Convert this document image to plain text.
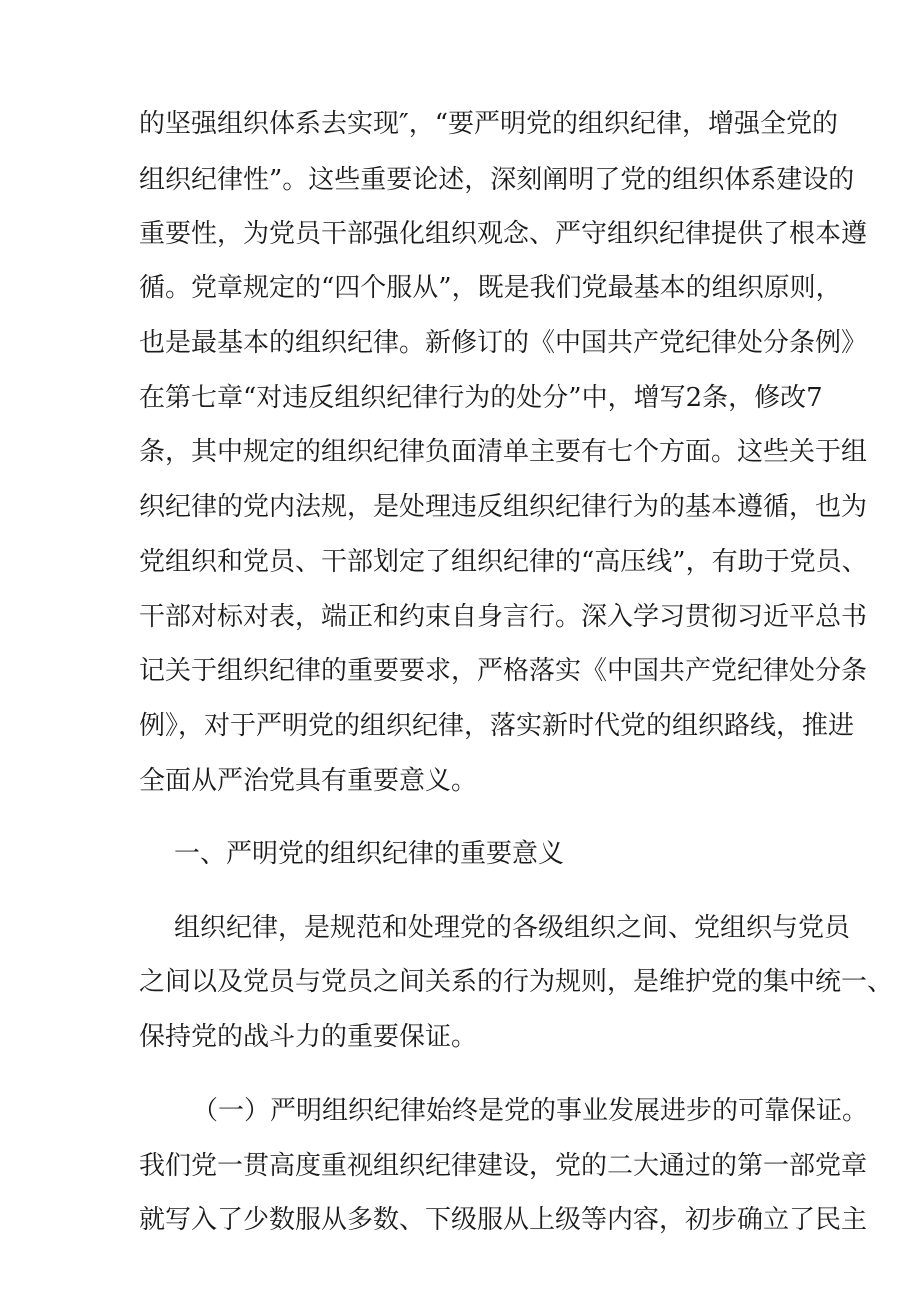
的坚强组织体系去实现″，“要严明党的组织纪律，增强全党的
组织纪律性”。这些重要论述，深刻阐明了党的组织体系建设的
重要性，为党员干部强化组织观念、严守组织纪律提供了根本遵
循。党章规定的“四个服从”，既是我们党最基本的组织原则，
也是最基本的组织纪律。新修订的《中国共产党纪律处分条例》
在第七章“对违反组织纪律行为的处分”中，增写2条，修改7
条，其中规定的组织纪律负面清单主要有七个方面。这些关于组
织纪律的党内法规，是处理违反组织纪律行为的基本遵循，也为
党组织和党员、干部划定了组织纪律的“高压线”，有助于党员、
干部对标对表，端正和约束自身言行。深入学习贯彻习近平总书
记关于组织纪律的重要要求，严格落实《中国共产党纪律处分条
例》，对于严明党的组织纪律，落实新时代党的组织路线，推进
全面从严治党具有重要意义。
一、严明党的组织纪律的重要意义
组织纪律，是规范和处理党的各级组织之间、党组织与党员
之间以及党员与党员之间关系的行为规则，是维护党的集中统一、
保持党的战斗力的重要保证。
（一）严明组织纪律始终是党的事业发展进步的可靠保证。
我们党一贯高度重视组织纪律建设，党的二大通过的第一部党章
就写入了少数服从多数、下级服从上级等内容，初步确立了民主
